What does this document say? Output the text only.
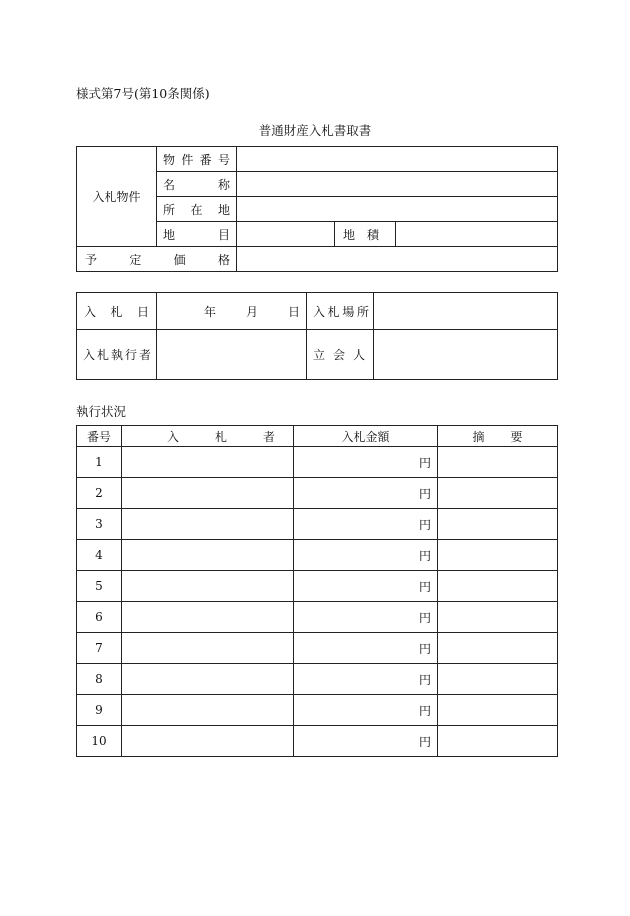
様式第7号(第10条関係)
普通財産入札書取書
入札物件	物 件 番 号			

	名 称			

	所 在 地			

	地 目		地 積	

予 定 価 格				

入 札 日	年 月 日	入 札 場 所	

入 札 執 行 者		立 会 人	

執行状況
番号	入 札 者	入札金額	摘 要

1		円	
2		円	
3		円	
4		円	
5		円	
6		円	
7		円	
8		円	
9		円	
10		円	
